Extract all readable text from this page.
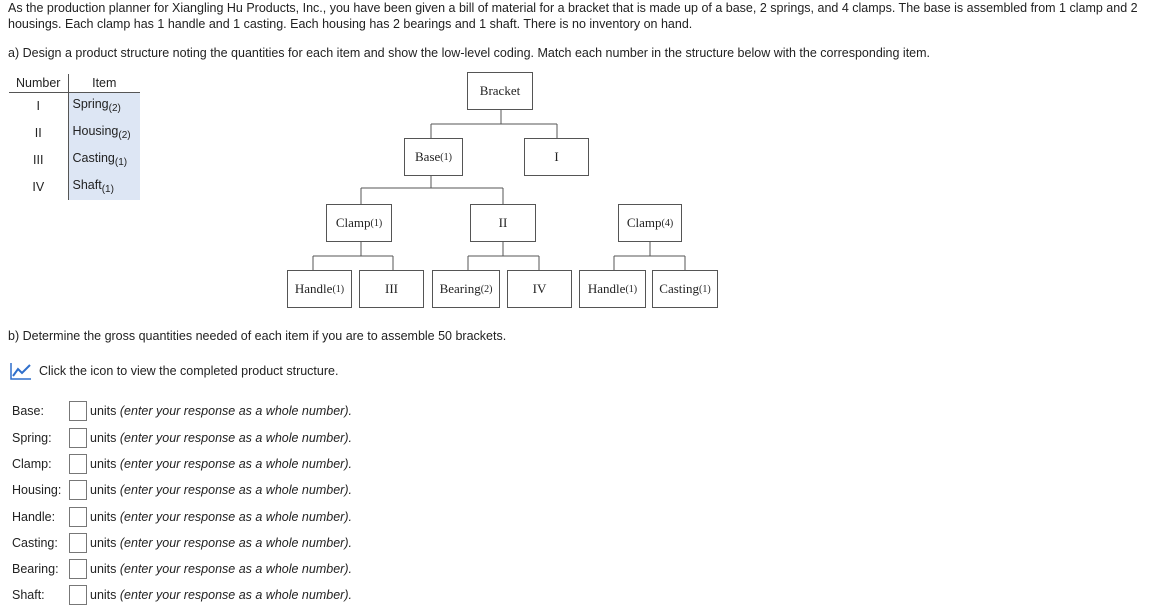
As the production planner for Xiangling Hu Products, Inc., you have been given a bill of material for a bracket that is made up of a base, 2 springs, and 4 clamps. The base is assembled from 1 clamp and 2 housings. Each clamp has 1 handle and 1 casting. Each housing has 2 bearings and 1 shaft. There is no inventory on hand.

a) Design a product structure noting the quantities for each item and show the low-level coding. Match each number in the structure below with the corresponding item.

Number	Item
I	Spring$_{(2)}$
II	Housing$_{(2)}$
III	Casting$_{(1)}$
IV	Shaft$_{(1)}$
Bracket
Base (1)	I
Clamp (1)	II	Clamp (4)
Handle (1)	III	Bearing (2)	IV	Handle (1) Casting (1)

b) Determine the gross quantities needed of each item if you are to assemble 50 brackets.

Click the icon to view the completed product structure.
Base:	units (enter your response as a whole number).
Spring:	units (enter your response as a whole number).
Clamp:	units (enter your response as a whole number).
Housing:	units (enter your response as a whole number).
Handle:	units (enter your response as a whole number).
Casting:	units (enter your response as a whole number).
Bearing:	units (enter your response as a whole number).
Shaft:	units (enter your response as a whole number).
